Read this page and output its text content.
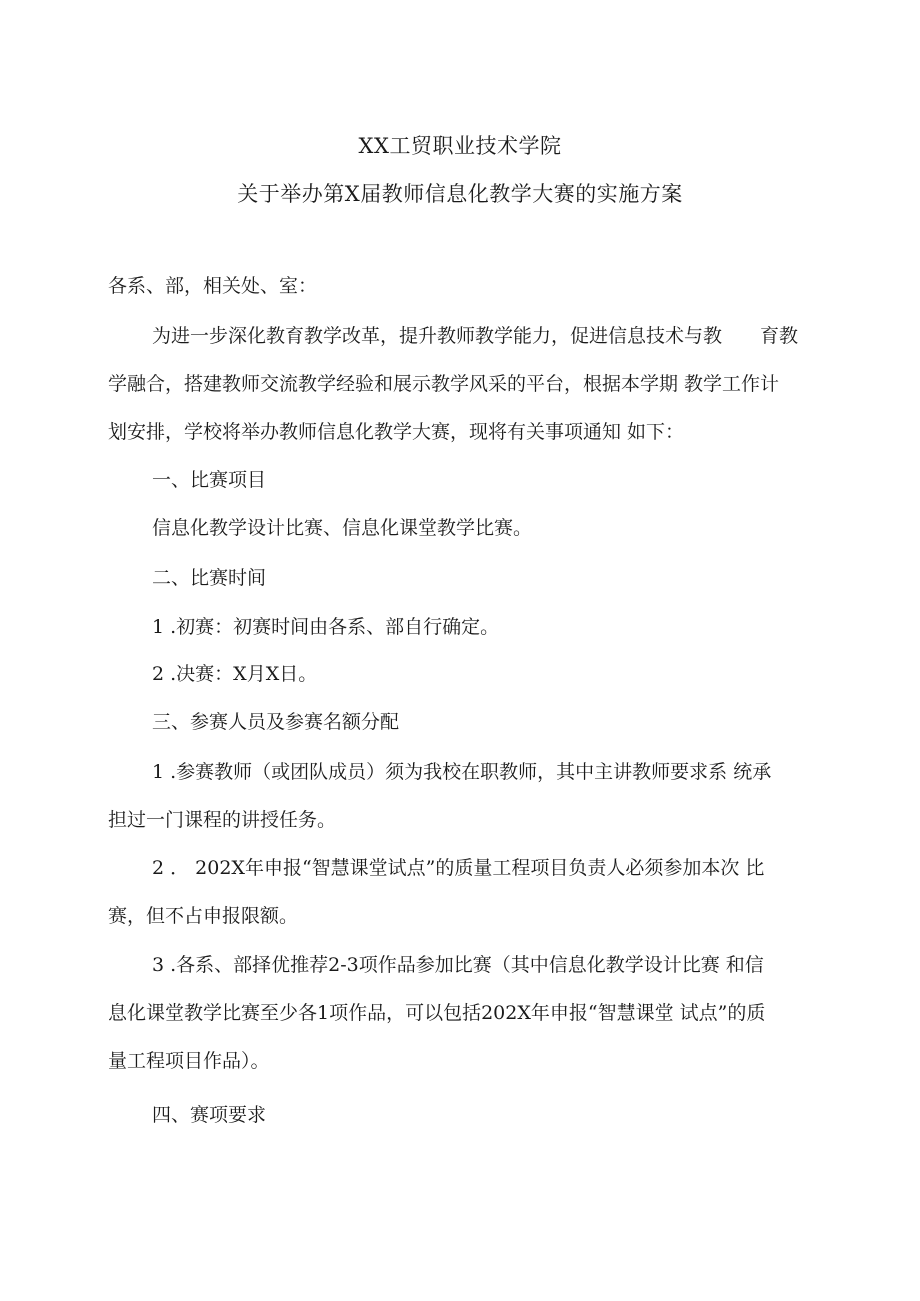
XX工贸职业技术学院
关于举办第X届教师信息化教学大赛的实施方案
各系、部，相关处、室：
为进一步深化教育教学改革，提升教师教学能力，促进信息技术与教　　育教
学融合，搭建教师交流教学经验和展示教学风采的平台，根据本学期 教学工作计
划安排，学校将举办教师信息化教学大赛，现将有关事项通知 如下：
一、比赛项目
信息化教学设计比赛、信息化课堂教学比赛。
二、比赛时间
1 .初赛：初赛时间由各系、部自行确定。
2 .决赛：X月X日。
三、参赛人员及参赛名额分配
1 .参赛教师（或团队成员）须为我校在职教师，其中主讲教师要求系 统承
担过一门课程的讲授任务。
2 ． 202X年申报“智慧课堂试点”的质量工程项目负责人必须参加本次 比
赛，但不占申报限额。
3 .各系、部择优推荐2-3项作品参加比赛（其中信息化教学设计比赛 和信
息化课堂教学比赛至少各1项作品，可以包括202X年申报“智慧课堂 试点”的质
量工程项目作品）。
四、赛项要求
